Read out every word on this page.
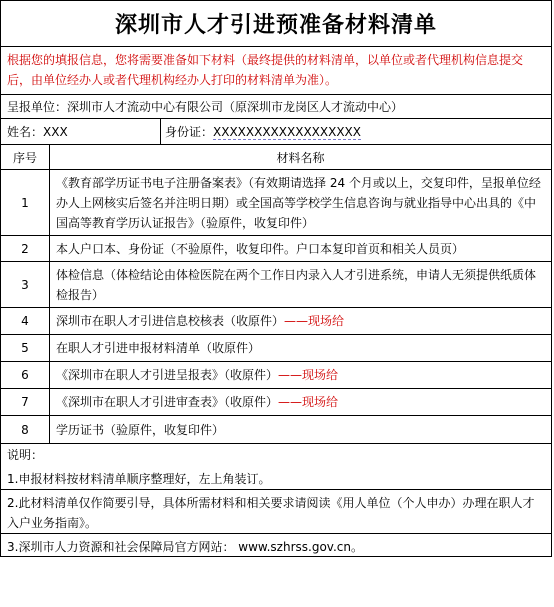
深圳市人才引进预准备材料清单
根据您的填报信息，您将需要准备如下材料（最终提供的材料清单，以单位或者代理机构信息提交后，由单位经办人或者代理机构经办人打印的材料清单为准）。
呈报单位：深圳市人才流动中心有限公司（原深圳市龙岗区人才流动中心）
姓名：XXX	身份证：XXXXXXXXXXXXXXXXXX
序号	材料名称
1	《教育部学历证书电子注册备案表》（有效期请选择 24 个月或以上，交复印件，呈报单位经办人上网核实后签名并注明日期）或全国高等学校学生信息咨询与就业指导中心出具的《中国高等教育学历认证报告》（验原件，收复印件）
2	本人户口本、身份证（不验原件，收复印件。户口本复印首页和相关人员页）
3	体检信息（体检结论由体检医院在两个工作日内录入人才引进系统，申请人无须提供纸质体检报告）
4	深圳市在职人才引进信息校核表（收原件）——现场给
5	在职人才引进申报材料清单（收原件）
6	《深圳市在职人才引进呈报表》（收原件）——现场给
7	《深圳市在职人才引进审查表》（收原件）——现场给
8	学历证书（验原件，收复印件）
说明：
1.申报材料按材料清单顺序整理好，左上角装订。
2.此材料清单仅作简要引导，具体所需材料和相关要求请阅读《用人单位（个人申办）办理在职人才入户业务指南》。
3.深圳市人力资源和社会保障局官方网站： www.szhrss.gov.cn。
